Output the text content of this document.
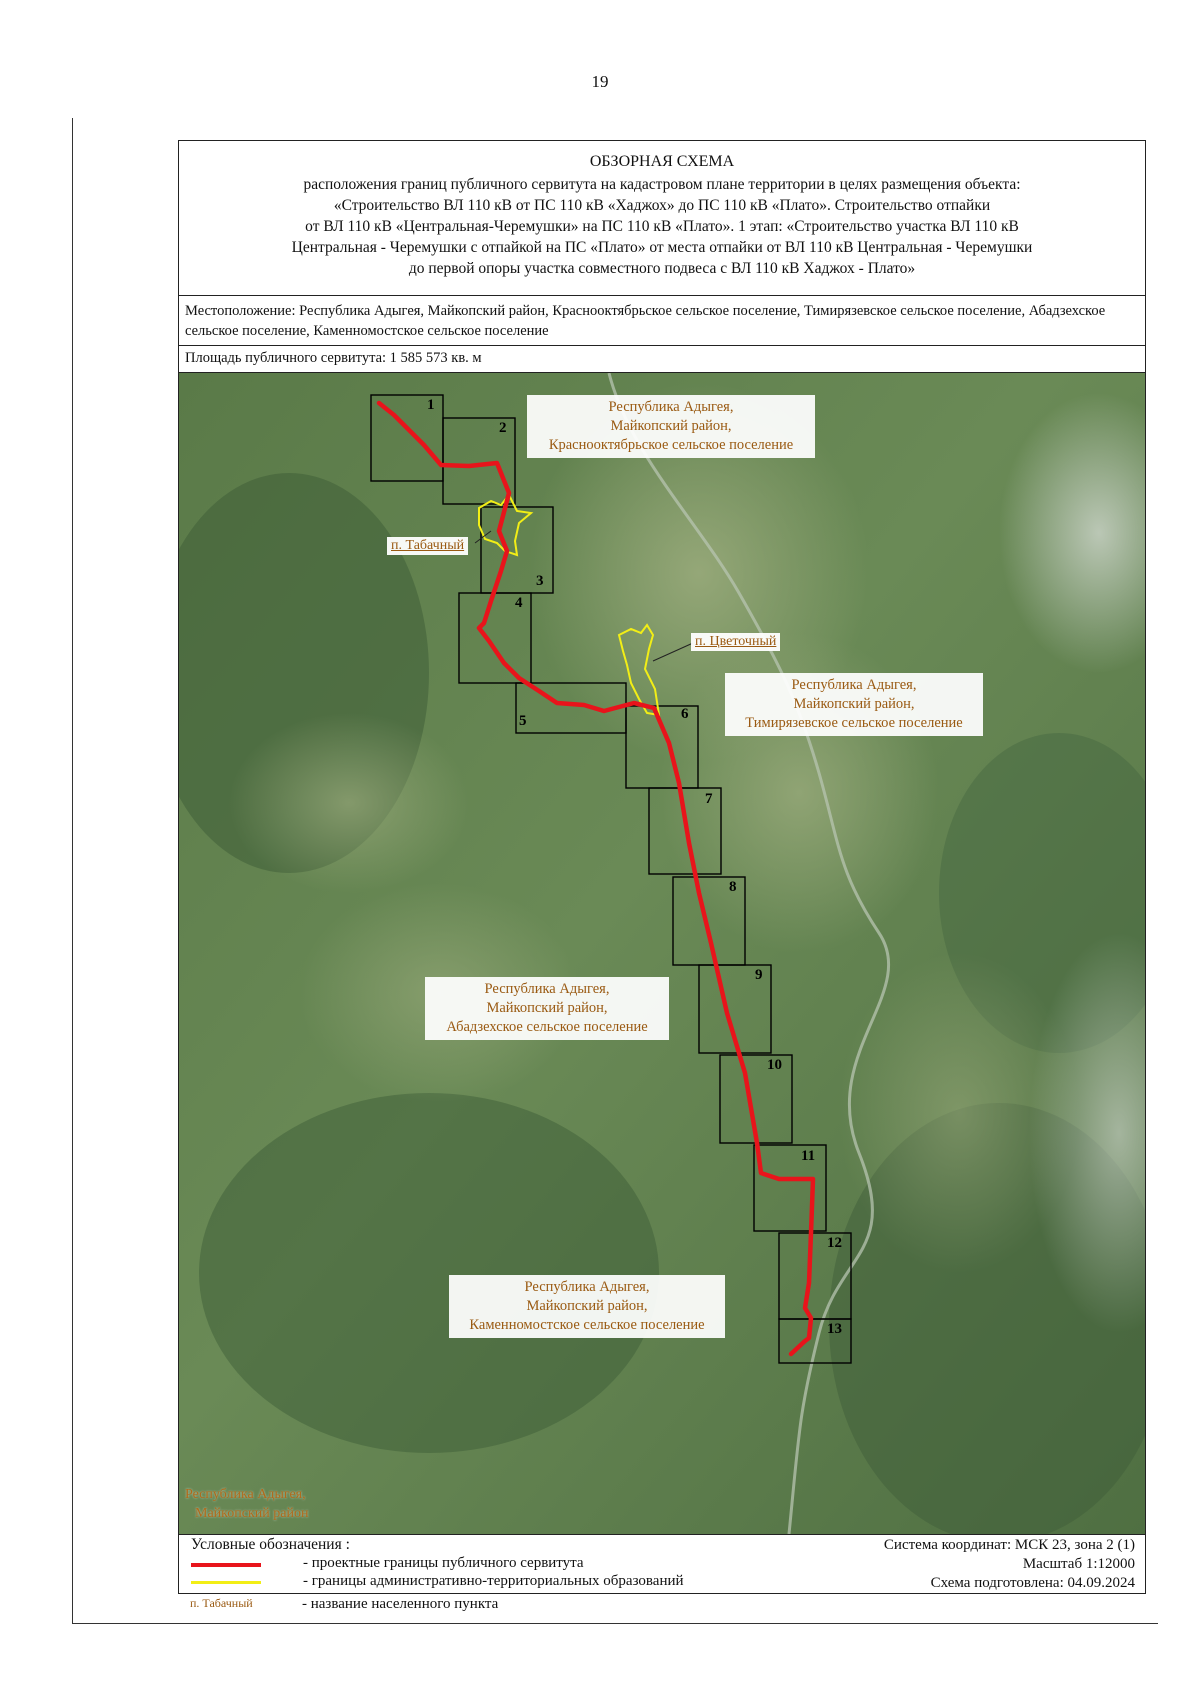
19
ОБЗОРНАЯ СХЕМА
расположения границ публичного сервитута на кадастровом плане территории в целях размещения объекта:
«Строительство ВЛ 110 кВ от ПС 110 кВ «Хаджох» до ПС 110 кВ «Плато». Строительство отпайки
от ВЛ 110 кВ «Центральная-Черемушки» на ПС 110 кВ «Плато». 1 этап: «Строительство участка ВЛ 110 кВ
Центральная - Черемушки с отпайкой на ПС «Плато» от места отпайки от ВЛ 110 кВ Центральная - Черемушки
до первой опоры участка совместного подвеса с ВЛ 110 кВ Хаджох - Плато»
Местоположение: Республика Адыгея, Майкопский район, Краснооктябрьское сельское поселение, Тимирязевское сельское поселение, Абадзехское сельское поселение, Каменномостское сельское поселение
Площадь публичного сервитута: 1 585 573 кв. м
1
2
3
4
5	6
7
8
9
10
11
12
13
Республика Адыгея,
Майкопский район,
Краснооктябрьское сельское поселение
Республика Адыгея,
Майкопский район,
Тимирязевское сельское поселение
Республика Адыгея,
Майкопский район,
Абадзехское сельское поселение
Республика Адыгея,
Майкопский район,
Каменномостское сельское поселение
Республика Адыгея,
Майкопский район
п. Табачный
п. Цветочный
Условные обозначения :
- проектные границы публичного сервитута
- границы административно-территориальных образований
Система координат: МСК 23, зона 2 (1)
Масштаб 1:12000
Схема подготовлена: 04.09.2024
п. Табачный	- название населенного пункта
